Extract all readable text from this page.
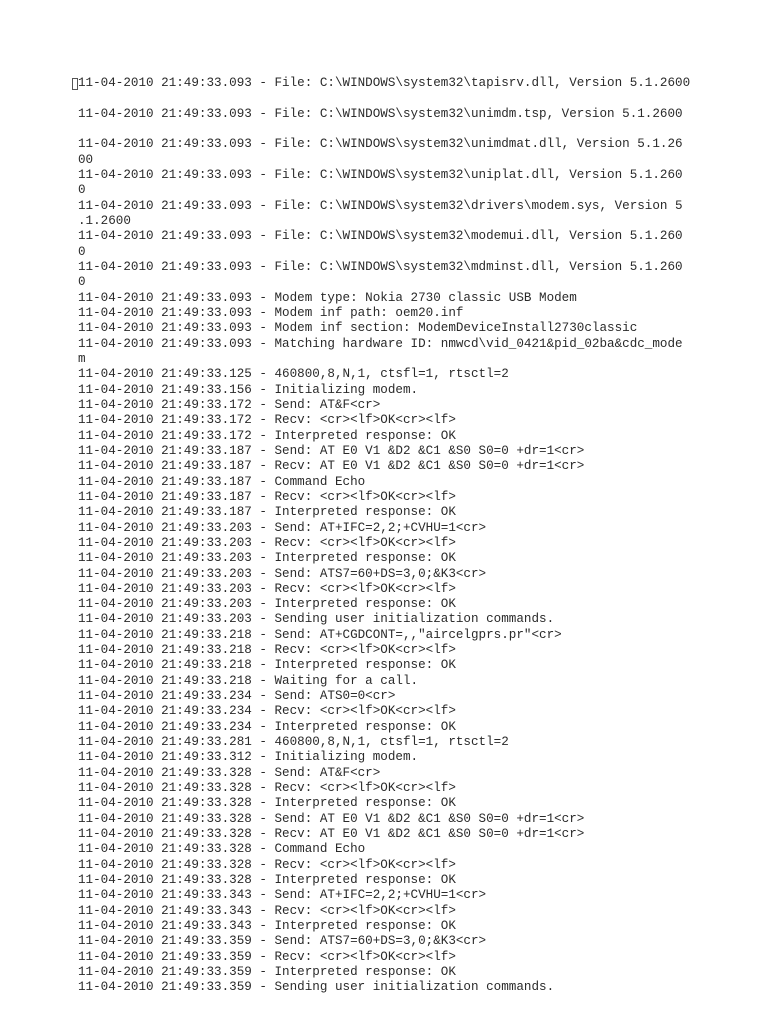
11-04-2010 21:49:33.093 - File: C:\WINDOWS\system32\tapisrv.dll, Version 5.1.2600
11-04-2010 21:49:33.093 - File: C:\WINDOWS\system32\unimdm.tsp, Version 5.1.2600
11-04-2010 21:49:33.093 - File: C:\WINDOWS\system32\unimdmat.dll, Version 5.1.26
00
11-04-2010 21:49:33.093 - File: C:\WINDOWS\system32\uniplat.dll, Version 5.1.260
0
11-04-2010 21:49:33.093 - File: C:\WINDOWS\system32\drivers\modem.sys, Version 5
.1.2600
11-04-2010 21:49:33.093 - File: C:\WINDOWS\system32\modemui.dll, Version 5.1.260
0
11-04-2010 21:49:33.093 - File: C:\WINDOWS\system32\mdminst.dll, Version 5.1.260
0
11-04-2010 21:49:33.093 - Modem type: Nokia 2730 classic USB Modem
11-04-2010 21:49:33.093 - Modem inf path: oem20.inf
11-04-2010 21:49:33.093 - Modem inf section: ModemDeviceInstall2730classic
11-04-2010 21:49:33.093 - Matching hardware ID: nmwcd\vid_0421&pid_02ba&cdc_mode
m
11-04-2010 21:49:33.125 - 460800,8,N,1, ctsfl=1, rtsctl=2
11-04-2010 21:49:33.156 - Initializing modem.
11-04-2010 21:49:33.172 - Send: AT&F<cr>
11-04-2010 21:49:33.172 - Recv: <cr><lf>OK<cr><lf>
11-04-2010 21:49:33.172 - Interpreted response: OK
11-04-2010 21:49:33.187 - Send: AT E0 V1 &D2 &C1 &S0 S0=0 +dr=1<cr>
11-04-2010 21:49:33.187 - Recv: AT E0 V1 &D2 &C1 &S0 S0=0 +dr=1<cr>
11-04-2010 21:49:33.187 - Command Echo
11-04-2010 21:49:33.187 - Recv: <cr><lf>OK<cr><lf>
11-04-2010 21:49:33.187 - Interpreted response: OK
11-04-2010 21:49:33.203 - Send: AT+IFC=2,2;+CVHU=1<cr>
11-04-2010 21:49:33.203 - Recv: <cr><lf>OK<cr><lf>
11-04-2010 21:49:33.203 - Interpreted response: OK
11-04-2010 21:49:33.203 - Send: ATS7=60+DS=3,0;&K3<cr>
11-04-2010 21:49:33.203 - Recv: <cr><lf>OK<cr><lf>
11-04-2010 21:49:33.203 - Interpreted response: OK
11-04-2010 21:49:33.203 - Sending user initialization commands.
11-04-2010 21:49:33.218 - Send: AT+CGDCONT=,,"aircelgprs.pr"<cr>
11-04-2010 21:49:33.218 - Recv: <cr><lf>OK<cr><lf>
11-04-2010 21:49:33.218 - Interpreted response: OK
11-04-2010 21:49:33.218 - Waiting for a call.
11-04-2010 21:49:33.234 - Send: ATS0=0<cr>
11-04-2010 21:49:33.234 - Recv: <cr><lf>OK<cr><lf>
11-04-2010 21:49:33.234 - Interpreted response: OK
11-04-2010 21:49:33.281 - 460800,8,N,1, ctsfl=1, rtsctl=2
11-04-2010 21:49:33.312 - Initializing modem.
11-04-2010 21:49:33.328 - Send: AT&F<cr>
11-04-2010 21:49:33.328 - Recv: <cr><lf>OK<cr><lf>
11-04-2010 21:49:33.328 - Interpreted response: OK
11-04-2010 21:49:33.328 - Send: AT E0 V1 &D2 &C1 &S0 S0=0 +dr=1<cr>
11-04-2010 21:49:33.328 - Recv: AT E0 V1 &D2 &C1 &S0 S0=0 +dr=1<cr>
11-04-2010 21:49:33.328 - Command Echo
11-04-2010 21:49:33.328 - Recv: <cr><lf>OK<cr><lf>
11-04-2010 21:49:33.328 - Interpreted response: OK
11-04-2010 21:49:33.343 - Send: AT+IFC=2,2;+CVHU=1<cr>
11-04-2010 21:49:33.343 - Recv: <cr><lf>OK<cr><lf>
11-04-2010 21:49:33.343 - Interpreted response: OK
11-04-2010 21:49:33.359 - Send: ATS7=60+DS=3,0;&K3<cr>
11-04-2010 21:49:33.359 - Recv: <cr><lf>OK<cr><lf>
11-04-2010 21:49:33.359 - Interpreted response: OK
11-04-2010 21:49:33.359 - Sending user initialization commands.
